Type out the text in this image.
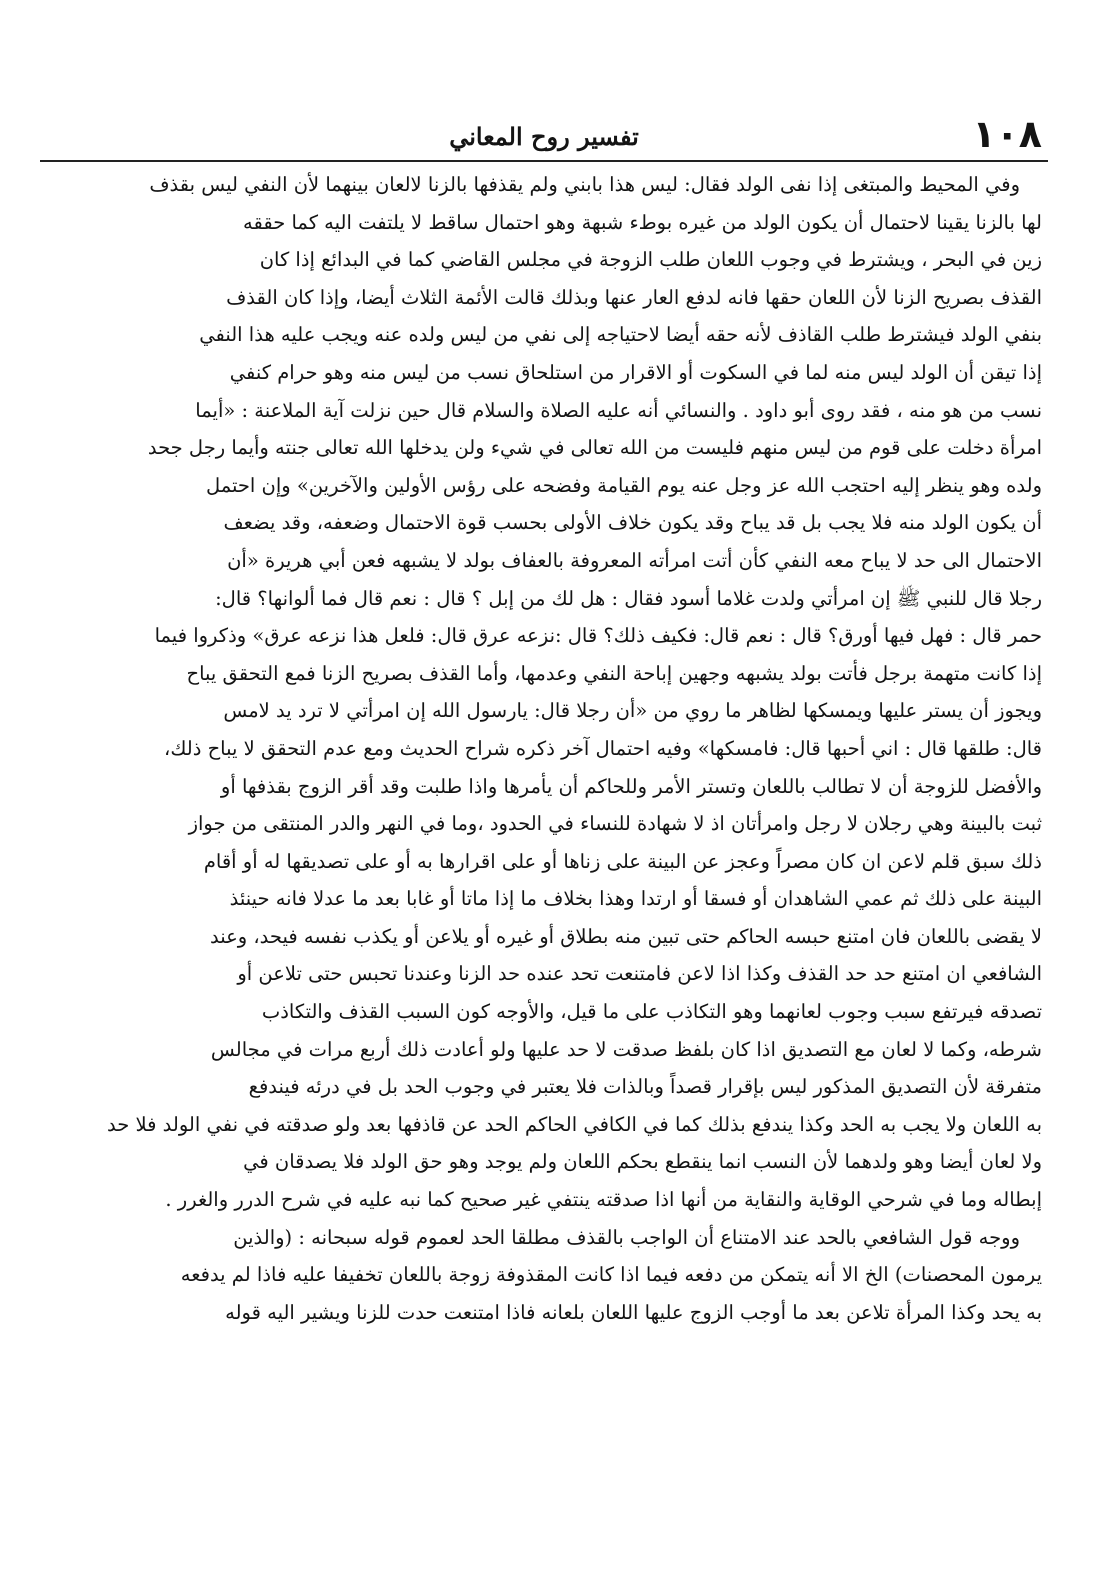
١٠٨
تفسير روح المعاني
وفي المحيط والمبتغى إذا نفى الولد فقال: ليس هذا بابني ولم يقذفها بالزنا لالعان بينهما لأن النفي ليس بقذف
لها بالزنا يقينا لاحتمال أن يكون الولد من غيره بوطء شبهة وهو احتمال ساقط لا يلتفت اليه كما حققه
زين في البحر ، ويشترط في وجوب اللعان طلب الزوجة في مجلس القاضي كما في البدائع إذا كان
القذف بصريح الزنا لأن اللعان حقها فانه لدفع العار عنها وبذلك قالت الأئمة الثلاث أيضا، وإذا كان القذف
بنفي الولد فيشترط طلب القاذف لأنه حقه أيضا لاحتياجه إلى نفي من ليس ولده عنه ويجب عليه هذا النفي
إذا تيقن أن الولد ليس منه لما في السكوت أو الاقرار من استلحاق نسب من ليس منه وهو حرام كنفي
نسب من هو منه ، فقد روى أبو داود . والنسائي أنه عليه الصلاة والسلام قال حين نزلت آية الملاعنة : «أيما
امرأة دخلت على قوم من ليس منهم فليست من الله تعالى في شيء ولن يدخلها الله تعالى جنته وأيما رجل جحد
ولده وهو ينظر إليه احتجب الله عز وجل عنه يوم القيامة وفضحه على رؤس الأولين والآخرين» وإن احتمل
أن يكون الولد منه فلا يجب بل قد يباح وقد يكون خلاف الأولى بحسب قوة الاحتمال وضعفه، وقد يضعف
الاحتمال الى حد لا يباح معه النفي كأن أتت امرأته المعروفة بالعفاف بولد لا يشبهه فعن أبي هريرة «أن
رجلا قال للنبي ﷺ إن امرأتي ولدت غلاما أسود فقال : هل لك من إبل ؟ قال : نعم قال فما ألوانها؟ قال:
حمر قال : فهل فيها أورق؟ قال : نعم قال: فكيف ذلك؟ قال :نزعه عرق قال: فلعل هذا نزعه عرق» وذكروا فيما
إذا كانت متهمة برجل فأتت بولد يشبهه وجهين إباحة النفي وعدمها، وأما القذف بصريح الزنا فمع التحقق يباح
ويجوز أن يستر عليها ويمسكها لظاهر ما روي من «أن رجلا قال: يارسول الله إن امرأتي لا ترد يد لامس
قال: طلقها قال : اني أحبها قال: فامسكها» وفيه احتمال آخر ذكره شراح الحديث ومع عدم التحقق لا يباح ذلك،
والأفضل للزوجة أن لا تطالب باللعان وتستر الأمر وللحاكم أن يأمرها واذا طلبت وقد أقر الزوج بقذفها أو
ثبت بالبينة وهي رجلان لا رجل وامرأتان اذ لا شهادة للنساء في الحدود ،وما في النهر والدر المنتقى من جواز
ذلك سبق قلم لاعن ان كان مصراً وعجز عن البينة على زناها أو على اقرارها به أو على تصديقها له أو أقام
البينة على ذلك ثم عمي الشاهدان أو فسقا أو ارتدا وهذا بخلاف ما إذا ماتا أو غابا بعد ما عدلا فانه حينئذ
لا يقضى باللعان فان امتنع حبسه الحاكم حتى تبين منه بطلاق أو غيره أو يلاعن أو يكذب نفسه فيحد، وعند
الشافعي ان امتنع حد حد القذف وكذا اذا لاعن فامتنعت تحد عنده حد الزنا وعندنا تحبس حتى تلاعن أو
تصدقه فيرتفع سبب وجوب لعانهما وهو التكاذب على ما قيل، والأوجه كون السبب القذف والتكاذب
شرطه، وكما لا لعان مع التصديق اذا كان بلفظ صدقت لا حد عليها ولو أعادت ذلك أربع مرات في مجالس
متفرقة لأن التصديق المذكور ليس بإقرار قصداً وبالذات فلا يعتبر في وجوب الحد بل في درئه فيندفع
به اللعان ولا يجب به الحد وكذا يندفع بذلك كما في الكافي الحاكم الحد عن قاذفها بعد ولو صدقته في نفي الولد فلا حد
ولا لعان أيضا وهو ولدهما لأن النسب انما ينقطع بحكم اللعان ولم يوجد وهو حق الولد فلا يصدقان في
إبطاله وما في شرحي الوقاية والنقاية من أنها اذا صدقته ينتفي غير صحيح كما نبه عليه في شرح الدرر والغرر .
ووجه قول الشافعي بالحد عند الامتناع أن الواجب بالقذف مطلقا الحد لعموم قوله سبحانه : (والذين
يرمون المحصنات) الخ الا أنه يتمكن من دفعه فيما اذا كانت المقذوفة زوجة باللعان تخفيفا عليه فاذا لم يدفعه
به يحد وكذا المرأة تلاعن بعد ما أوجب الزوج عليها اللعان بلعانه فاذا امتنعت حدت للزنا ويشير اليه قوله
